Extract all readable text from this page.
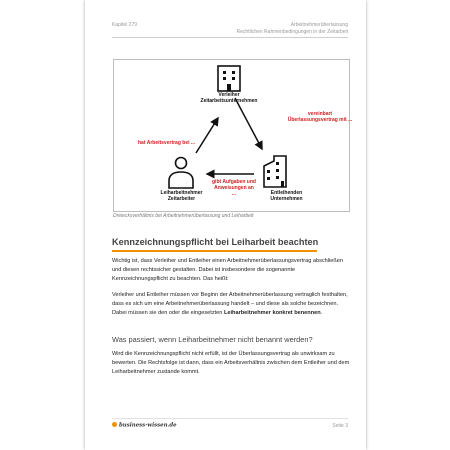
Kapitel 279	Arbeitnehmerüberlassung
Rechtlichen Rahmenbedingungen in der Zeitarbeit
Verleiher
Zeitarbeitsunternehmen
vereinbart
Überlassungsvertrag mit ...
hat Arbeitsvertrag bei ...
gibt Aufgaben und
Anweisungen an
...
Leiharbeitnehmer
Zeitarbeiter
Entleihenden
Unternehmen
Dreiecksverhältnis bei Arbeitnehmerüberlassung und Leiharbeit
Kennzeichnungspflicht bei Leiharbeit beachten

Wichtig ist, dass Verleiher und Entleiher einen Arbeitnehmerüberlassungsvertrag abschließen und diesen rechtssicher gestalten. Dabei ist insbesondere die sogenannte Kennzeichnungspflicht zu beachten. Das heißt:

Verleiher und Entleiher müssen vor Beginn der Arbeitnehmerüberlassung vertraglich festhalten, dass es sich um eine Arbeitnehmerüberlassung handelt – und diese als solche bezeichnen. Dabei müssen sie den oder die eingesetzten Leiharbeitnehmer konkret benennen.

Was passiert, wenn Leiharbeitnehmer nicht benannt werden?

Wird die Kennzeichnungspflicht nicht erfüllt, ist der Überlassungsvertrag als unwirksam zu bewerten. Die Rechtsfolge ist dann, dass ein Arbeitsverhältnis zwischen dem Entleiher und dem Leiharbeitnehmer zustande kommt.

business-wissen.de	Seite 3
